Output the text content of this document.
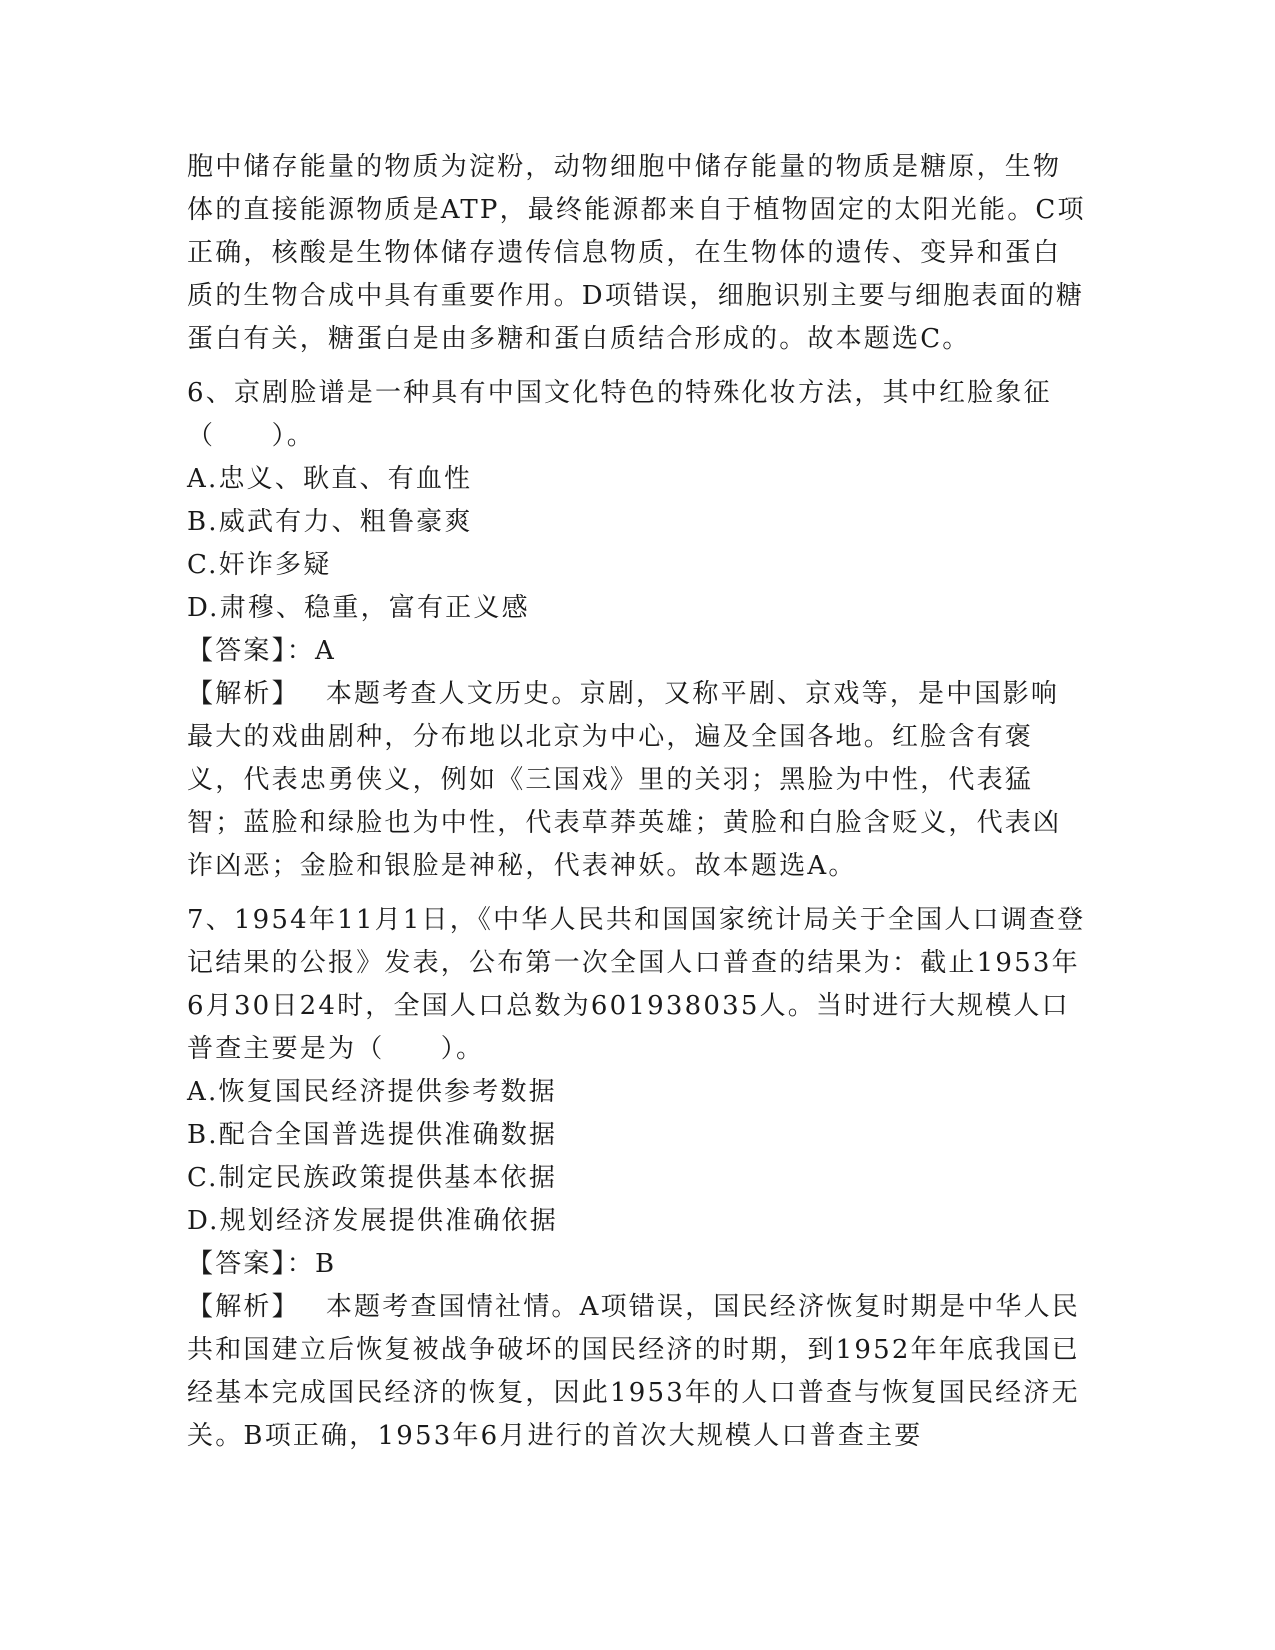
胞中储存能量的物质为淀粉，动物细胞中储存能量的物质是糖原，生物体的直接能源物质是ATP，最终能源都来自于植物固定的太阳光能。C项正确，核酸是生物体储存遗传信息物质，在生物体的遗传、变异和蛋白质的生物合成中具有重要作用。D项错误，细胞识别主要与细胞表面的糖蛋白有关，糖蛋白是由多糖和蛋白质结合形成的。故本题选C。

6、京剧脸谱是一种具有中国文化特色的特殊化妆方法，其中红脸象征（　　）。

A.忠义、耿直、有血性

B.威武有力、粗鲁豪爽

C.奸诈多疑

D.肃穆、稳重，富有正义感

【答案】：A

【解析】 本题考查人文历史。京剧，又称平剧、京戏等，是中国影响最大的戏曲剧种，分布地以北京为中心，遍及全国各地。红脸含有褒义，代表忠勇侠义，例如《三国戏》里的关羽；黑脸为中性，代表猛智；蓝脸和绿脸也为中性，代表草莽英雄；黄脸和白脸含贬义，代表凶诈凶恶；金脸和银脸是神秘，代表神妖。故本题选A。

7、1954年11月1日，《中华人民共和国国家统计局关于全国人口调查登记结果的公报》发表，公布第一次全国人口普查的结果为：截止1953年6月30日24时，全国人口总数为601938035人。当时进行大规模人口普查主要是为（　　）。

A.恢复国民经济提供参考数据

B.配合全国普选提供准确数据

C.制定民族政策提供基本依据

D.规划经济发展提供准确依据

【答案】：B

【解析】 本题考查国情社情。A项错误，国民经济恢复时期是中华人民共和国建立后恢复被战争破坏的国民经济的时期，到1952年年底我国已经基本完成国民经济的恢复，因此1953年的人口普查与恢复国民经济无关。B项正确，1953年6月进行的首次大规模人口普查主要
